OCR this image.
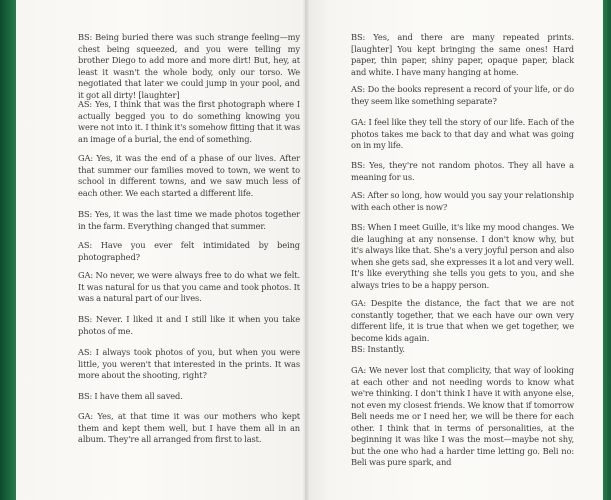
BS: Being buried there was such strange feeling—my chest being squeezed, and you were telling my brother Diego to add more and more dirt! But, hey, at least it wasn't the whole body, only our torso. We negotiated that later we could jump in your pool, and it got all dirty! [laughter]

AS: Yes, I think that was the first photograph where I actually begged you to do something knowing you were not into it. I think it's somehow fitting that it was an image of a burial, the end of something.

GA: Yes, it was the end of a phase of our lives. After that summer our families moved to town, we went to school in different towns, and we saw much less of each other. We each started a different life.

BS: Yes, it was the last time we made photos together in the farm. Everything changed that summer.

AS: Have you ever felt intimidated by being photographed?

GA: No never, we were always free to do what we felt. It was natural for us that you came and took photos. It was a natural part of our lives.

BS: Never. I liked it and I still like it when you take photos of me.

AS: I always took photos of you, but when you were little, you weren't that interested in the prints. It was more about the shooting, right?

BS: I have them all saved.

GA: Yes, at that time it was our mothers who kept them and kept them well, but I have them all in an album. They're all arranged from first to last.

BS: Yes, and there are many repeated prints. [laughter] You kept bringing the same ones! Hard paper, thin paper, shiny paper, opaque paper, black and white. I have many hanging at home.

AS: Do the books represent a record of your life, or do they seem like something separate?

GA: I feel like they tell the story of our life. Each of the photos takes me back to that day and what was going on in my life.

BS: Yes, they're not random photos. They all have a meaning for us.

AS: After so long, how would you say your relationship with each other is now?

BS: When I meet Guille, it's like my mood changes. We die laughing at any nonsense. I don't know why, but it's always like that. She's a very joyful person and also when she gets sad, she expresses it a lot and very well. It's like everything she tells you gets to you, and she always tries to be a happy person.

GA: Despite the distance, the fact that we are not constantly together, that we each have our own very different life, it is true that when we get together, we become kids again.

BS: Instantly.

GA: We never lost that complicity, that way of looking at each other and not needing words to know what we're thinking. I don't think I have it with anyone else, not even my closest friends. We know that if tomorrow Beli needs me or I need her, we will be there for each other. I think that in terms of personalities, at the beginning it was like I was the most—maybe not shy, but the one who had a harder time letting go. Beli no: Beli was pure spark, and
